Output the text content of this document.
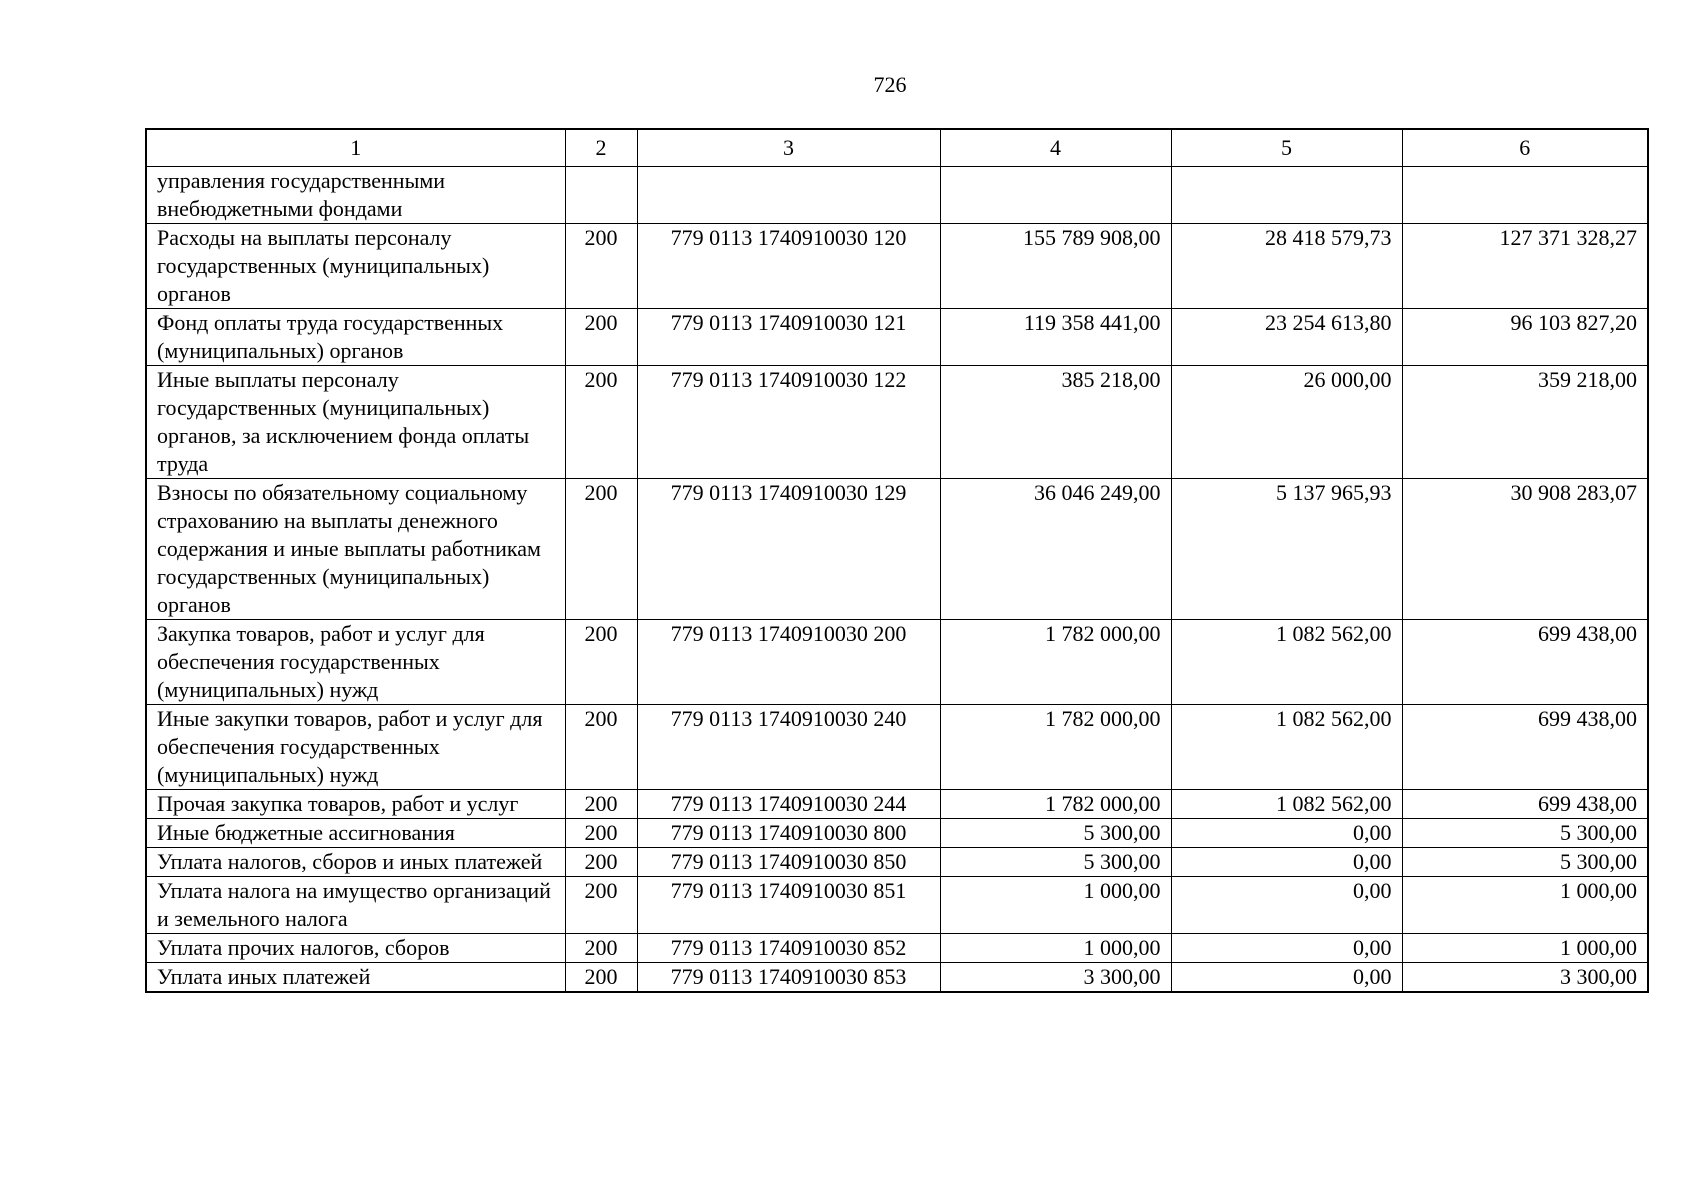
726
1	2	3	4	5	6
управления государственными внебюджетными фондами					
Расходы на выплаты персоналу государственных (муниципальных) органов	200	779 0113 1740910030 120	155 789 908,00	28 418 579,73	127 371 328,27
Фонд оплаты труда государственных (муниципальных) органов	200	779 0113 1740910030 121	119 358 441,00	23 254 613,80	96 103 827,20
Иные выплаты персоналу государственных (муниципальных) органов, за исключением фонда оплаты труда	200	779 0113 1740910030 122	385 218,00	26 000,00	359 218,00
Взносы по обязательному социальному страхованию на выплаты денежного содержания и иные выплаты работникам государственных (муниципальных) органов	200	779 0113 1740910030 129	36 046 249,00	5 137 965,93	30 908 283,07
Закупка товаров, работ и услуг для обеспечения государственных (муниципальных) нужд	200	779 0113 1740910030 200	1 782 000,00	1 082 562,00	699 438,00
Иные закупки товаров, работ и услуг для обеспечения государственных (муниципальных) нужд	200	779 0113 1740910030 240	1 782 000,00	1 082 562,00	699 438,00
Прочая закупка товаров, работ и услуг	200	779 0113 1740910030 244	1 782 000,00	1 082 562,00	699 438,00
Иные бюджетные ассигнования	200	779 0113 1740910030 800	5 300,00	0,00	5 300,00
Уплата налогов, сборов и иных платежей	200	779 0113 1740910030 850	5 300,00	0,00	5 300,00
Уплата налога на имущество организаций и земельного налога	200	779 0113 1740910030 851	1 000,00	0,00	1 000,00
Уплата прочих налогов, сборов	200	779 0113 1740910030 852	1 000,00	0,00	1 000,00
Уплата иных платежей	200	779 0113 1740910030 853	3 300,00	0,00	3 300,00
